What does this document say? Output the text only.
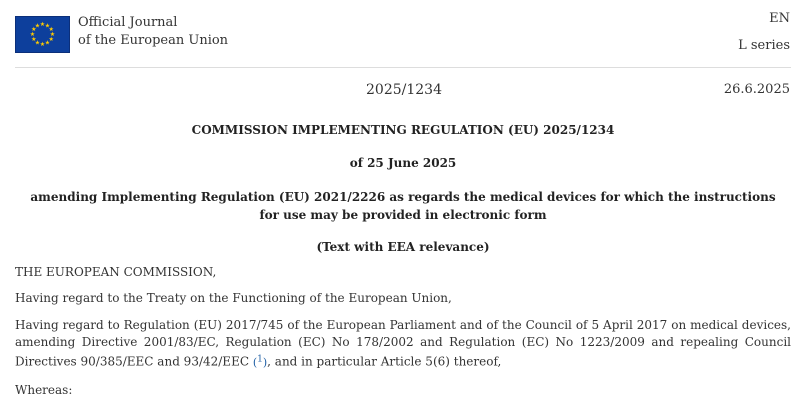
★ ★
★
★
★
★
★
★
★
★
★
★	Official Journal
of the European Union
EN
L series
2025/1234	26.6.2025
COMMISSION IMPLEMENTING REGULATION (EU) 2025/1234
of 25 June 2025
amending Implementing Regulation (EU) 2021/2226 as regards the medical devices for which the instructions for use may be provided in electronic form
(Text with EEA relevance)
THE EUROPEAN COMMISSION,
Having regard to the Treaty on the Functioning of the European Union,
Having regard to Regulation (EU) 2017/745 of the European Parliament and of the Council of 5 April 2017 on medical devices, amending Directive 2001/83/EC, Regulation (EC) No 178/2002 and Regulation (EC) No 1223/2009 and repealing Council Directives 90/385/EEC and 93/42/EEC ($^1$), and in particular Article 5(6) thereof,
Whereas:
